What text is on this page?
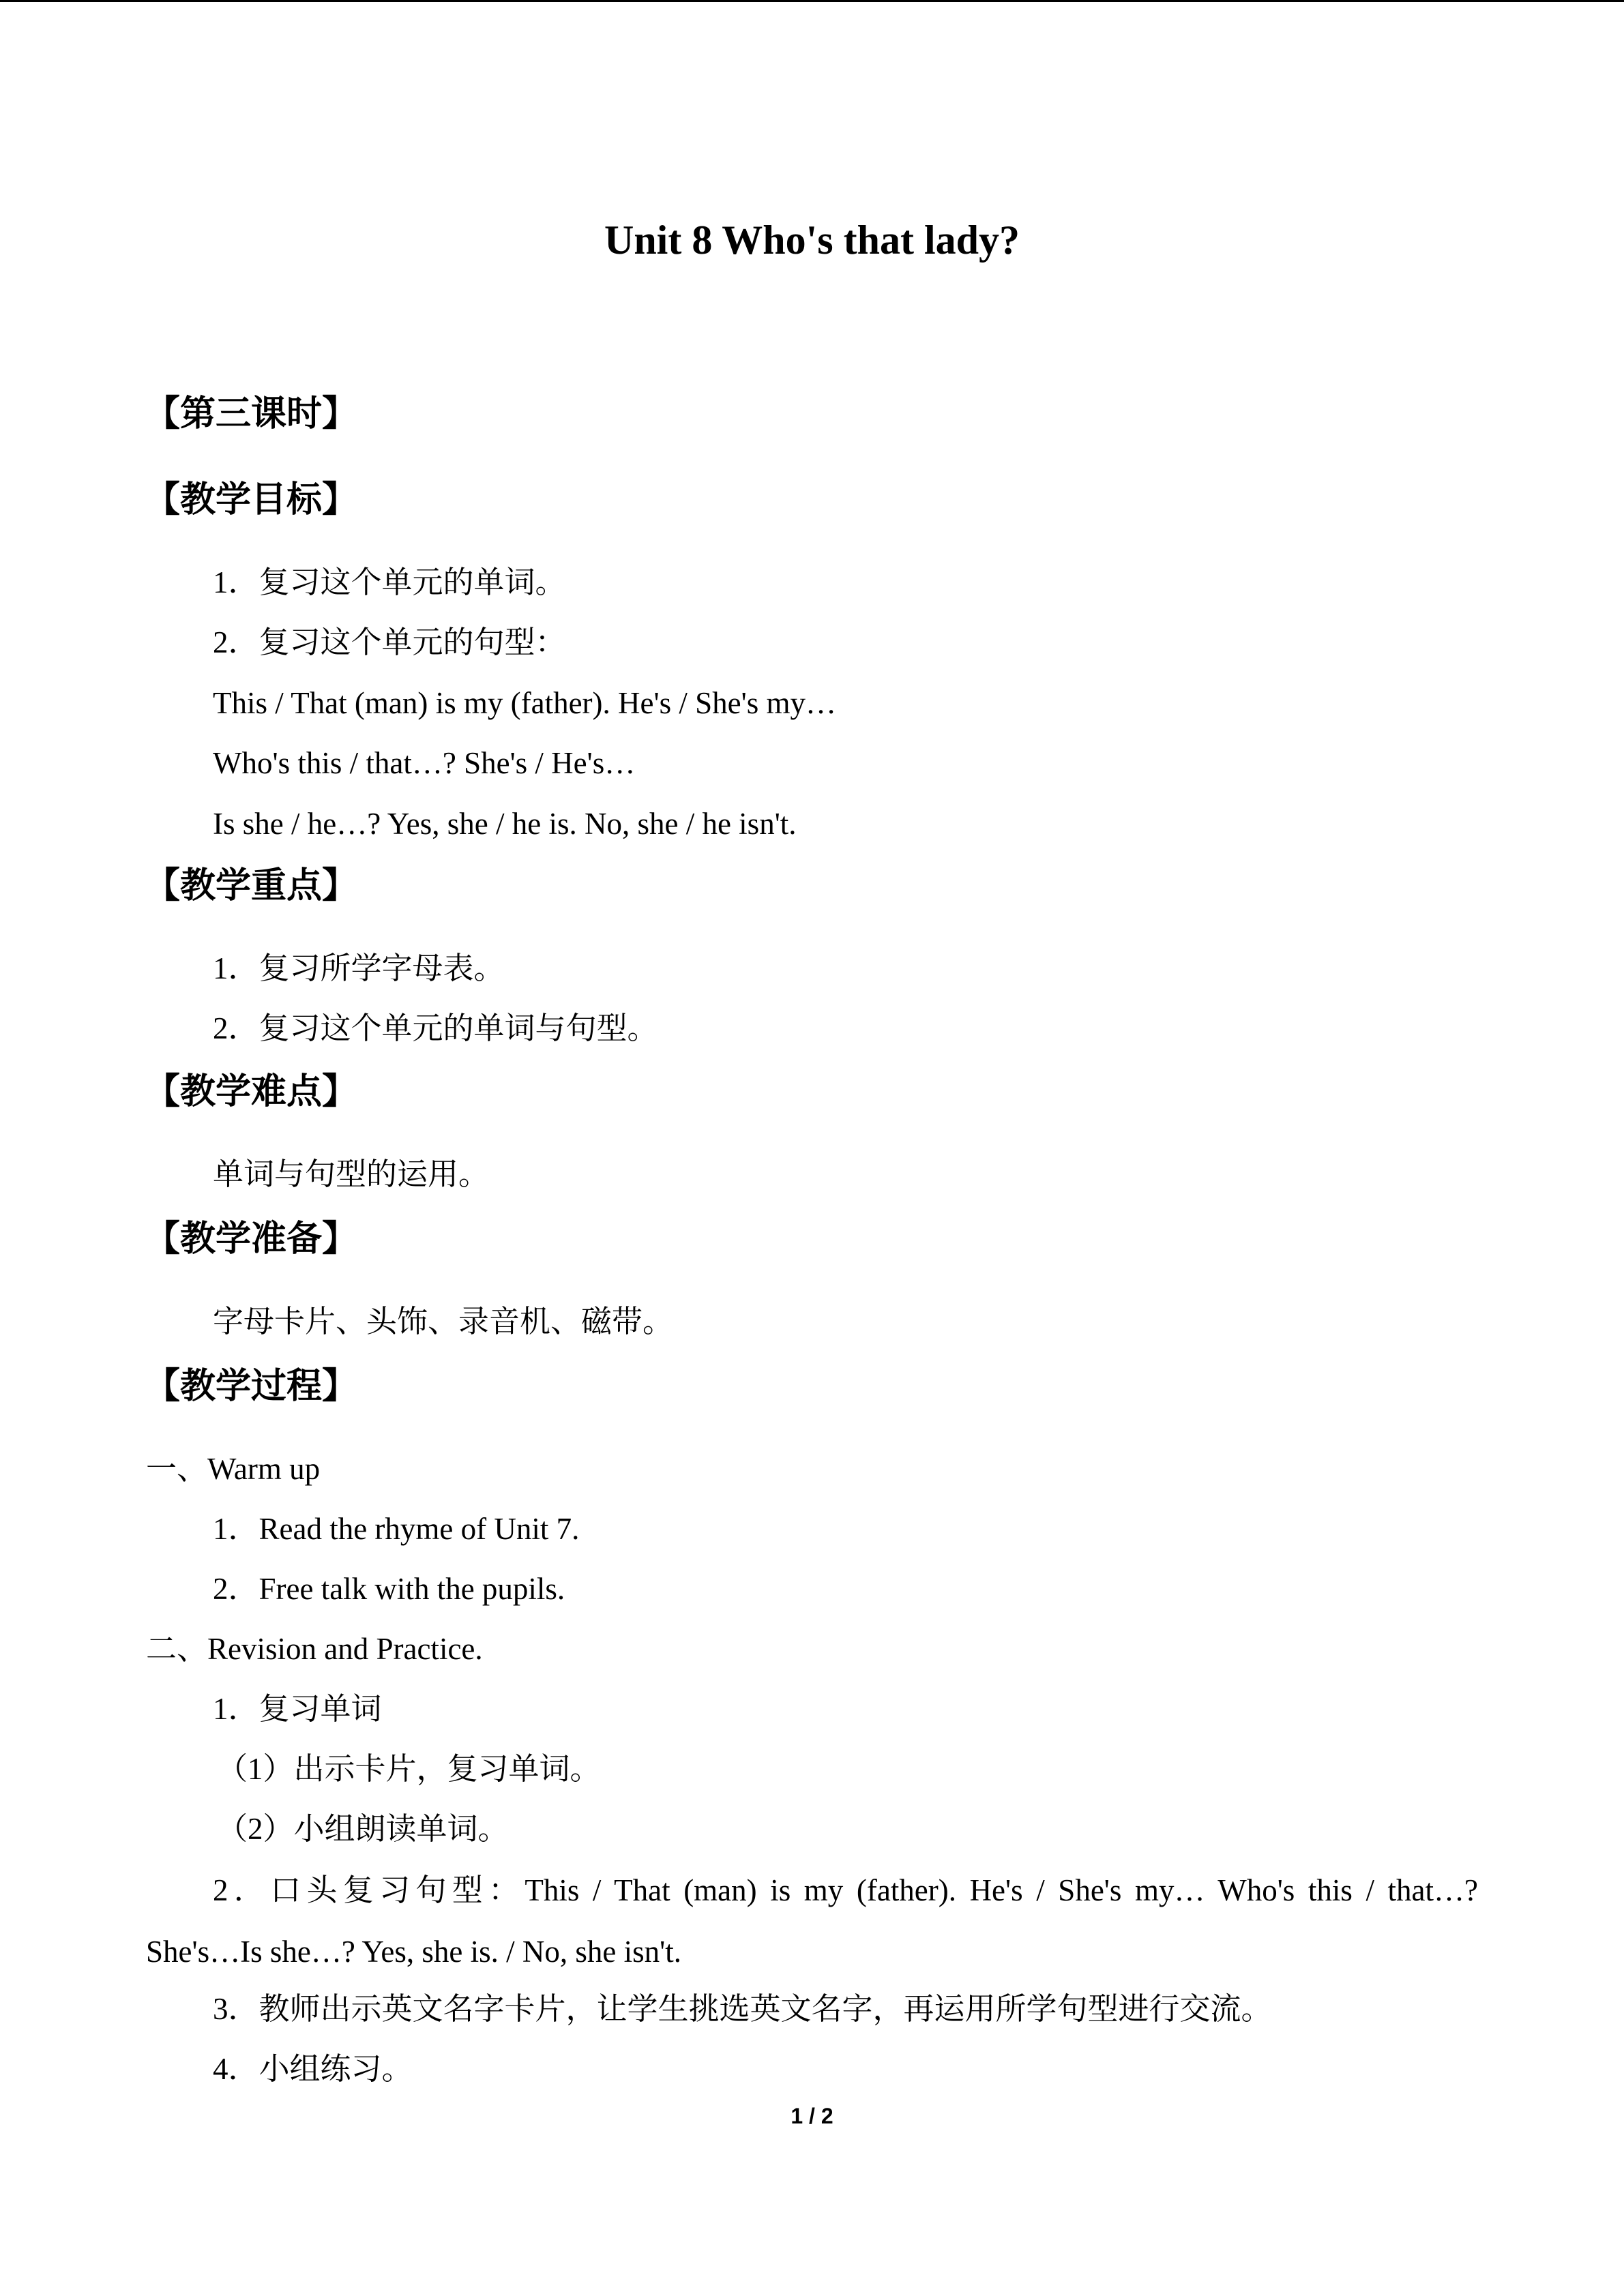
Unit 8 Who's that lady?
【第三课时】
【教学目标】
1．复习这个单元的单词。
2．复习这个单元的句型：
This / That (man) is my (father). He's / She's my…
Who's this / that…? She's / He's…
Is she / he…? Yes, she / he is. No, she / he isn't.
【教学重点】
1．复习所学字母表。
2．复习这个单元的单词与句型。
【教学难点】
单词与句型的运用。
【教学准备】
字母卡片、头饰、录音机、磁带。
【教学过程】
一、Warm up
1．Read the rhyme of Unit 7.
2．Free talk with the pupils.
二、Revision and Practice.
1．复习单词
（1）出示卡片，复习单词。
（2）小组朗读单词。
2．口头复习句型：This / That (man) is my (father). He's / She's my… Who's this / that…?
She's…Is she…? Yes, she is. / No, she isn't.
3．教师出示英文名字卡片，让学生挑选英文名字，再运用所学句型进行交流。
4．小组练习。
1 / 2
